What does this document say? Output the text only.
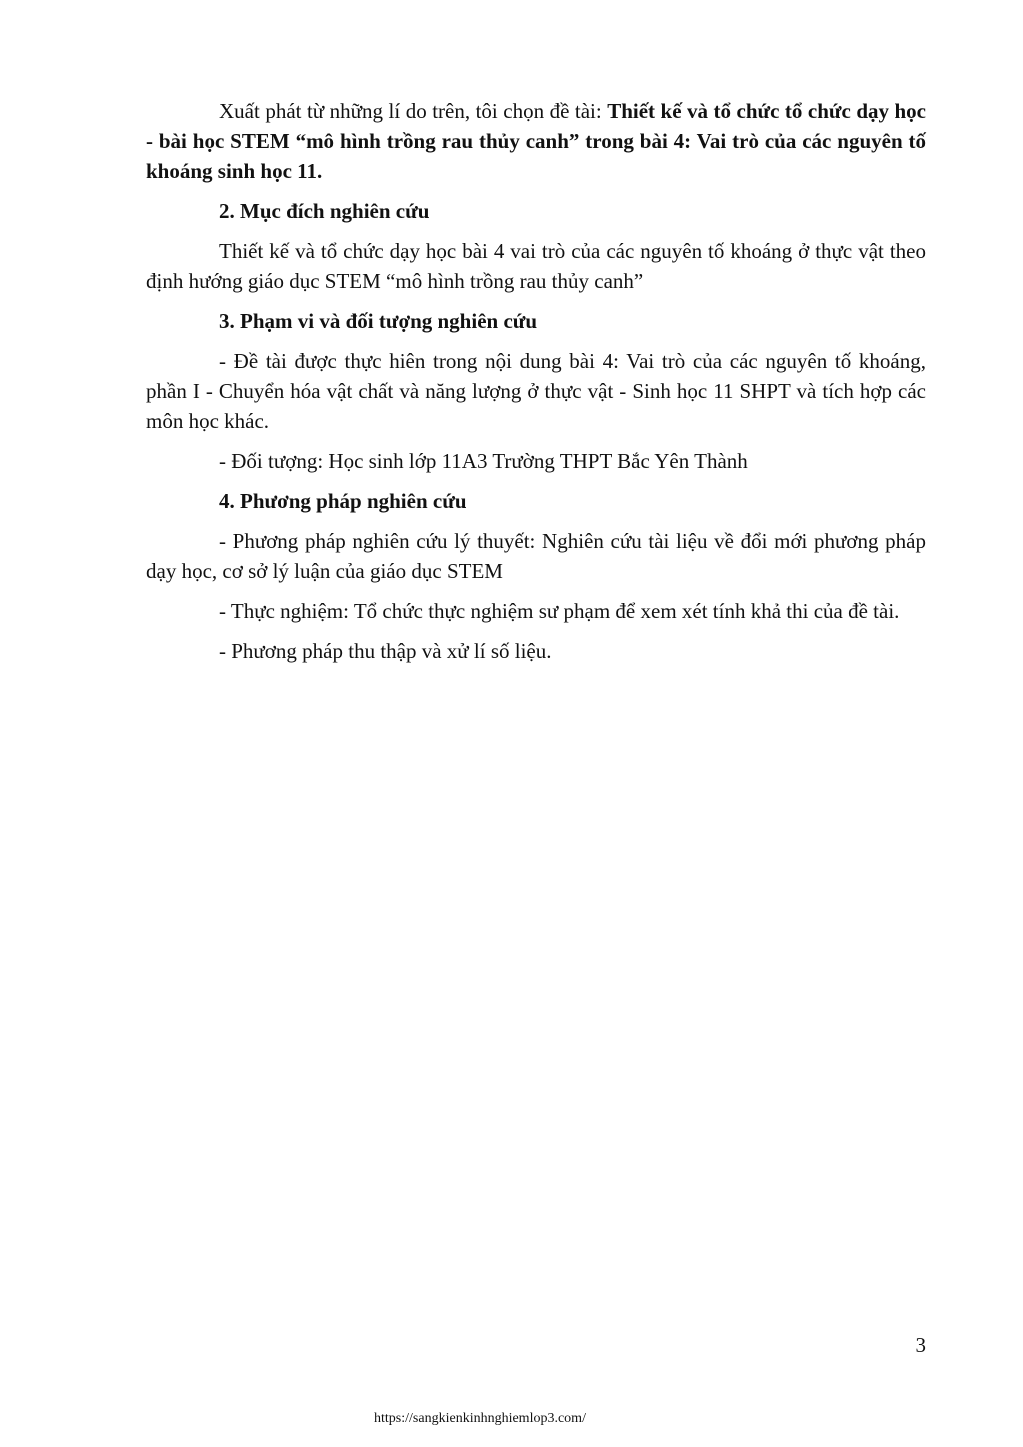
Xuất phát từ những lí do trên, tôi chọn đề tài: Thiết kế và tổ chức tổ chức dạy học - bài học STEM “mô hình trồng rau thủy canh” trong bài 4: Vai trò của các nguyên tố khoáng sinh học 11.

2. Mục đích nghiên cứu

Thiết kế và tổ chức dạy học bài 4 vai trò của các nguyên tố khoáng ở thực vật theo định hướng giáo dục STEM “mô hình trồng rau thủy canh”

3. Phạm vi và đối tượng nghiên cứu

- Đề tài được thực hiên trong nội dung bài 4: Vai trò của các nguyên tố khoáng, phần I - Chuyển hóa vật chất và năng lượng ở thực vật - Sinh học 11 SHPT và tích hợp các môn học khác.

- Đối tượng: Học sinh lớp 11A3 Trường THPT Bắc Yên Thành

4. Phương pháp nghiên cứu

- Phương pháp nghiên cứu lý thuyết: Nghiên cứu tài liệu về đổi mới phương pháp dạy học, cơ sở lý luận của giáo dục STEM

- Thực nghiệm: Tổ chức thực nghiệm sư phạm để xem xét tính khả thi của đề tài.

- Phương pháp thu thập và xử lí số liệu.

3
https://sangkienkinhnghiemlop3.com/
